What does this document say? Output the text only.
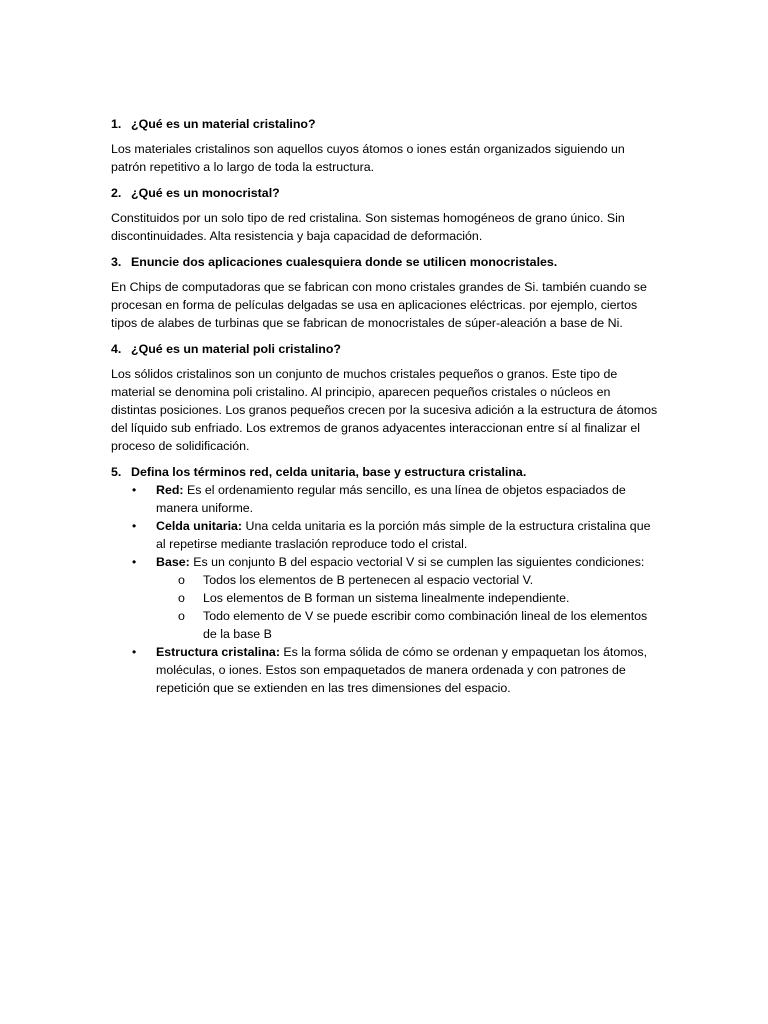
1. ¿Qué es un material cristalino?

Los materiales cristalinos son aquellos cuyos átomos o iones están organizados siguiendo un patrón repetitivo a lo largo de toda la estructura.

2. ¿Qué es un monocristal?

Constituidos por un solo tipo de red cristalina. Son sistemas homogéneos de grano único. Sin discontinuidades. Alta resistencia y baja capacidad de deformación.

3. Enuncie dos aplicaciones cualesquiera donde se utilicen monocristales.

En Chips de computadoras que se fabrican con mono cristales grandes de Si. también cuando se procesan en forma de películas delgadas se usa en aplicaciones eléctricas. por ejemplo, ciertos tipos de alabes de turbinas que se fabrican de monocristales de súper-aleación a base de Ni.

4. ¿Qué es un material poli cristalino?

Los sólidos cristalinos son un conjunto de muchos cristales pequeños o granos. Este tipo de material se denomina poli cristalino. Al principio, aparecen pequeños cristales o núcleos en distintas posiciones. Los granos pequeños crecen por la sucesiva adición a la estructura de átomos del líquido sub enfriado. Los extremos de granos adyacentes interaccionan entre sí al finalizar el proceso de solidificación.

5. Defina los términos red, celda unitaria, base y estructura cristalina.
• Red: Es el ordenamiento regular más sencillo, es una línea de objetos espaciados de manera uniforme.
• Celda unitaria: Una celda unitaria es la porción más simple de la estructura cristalina que al repetirse mediante traslación reproduce todo el cristal.
• Base: Es un conjunto B del espacio vectorial V si se cumplen las siguientes condiciones:
o Todos los elementos de B pertenecen al espacio vectorial V.
o Los elementos de B forman un sistema linealmente independiente.
o Todo elemento de V se puede escribir como combinación lineal de los elementos de la base B
• Estructura cristalina: Es la forma sólida de cómo se ordenan y empaquetan los átomos, moléculas, o iones. Estos son empaquetados de manera ordenada y con patrones de repetición que se extienden en las tres dimensiones del espacio.
